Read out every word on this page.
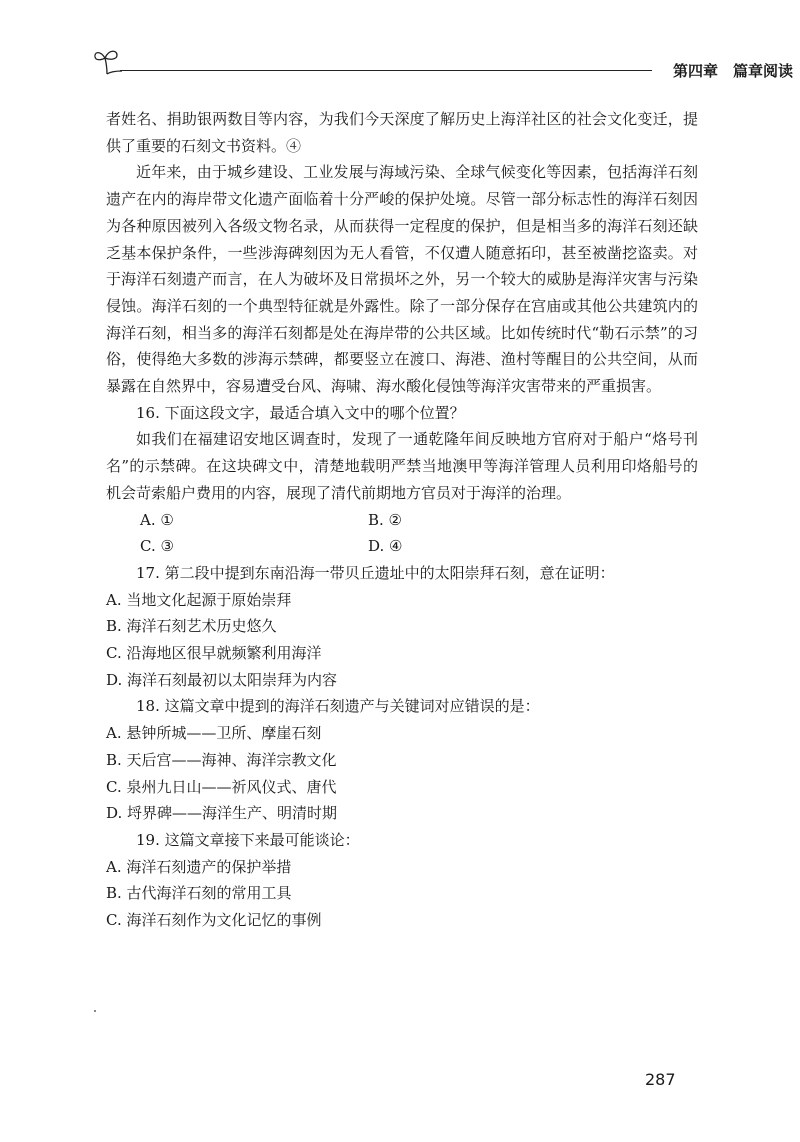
第四章　篇章阅读

者姓名、捐助银两数目等内容，为我们今天深度了解历史上海洋社区的社会文化变迁，提供了重要的石刻文书资料。④

近年来，由于城乡建设、工业发展与海域污染、全球气候变化等因素，包括海洋石刻遗产在内的海岸带文化遗产面临着十分严峻的保护处境。尽管一部分标志性的海洋石刻因为各种原因被列入各级文物名录，从而获得一定程度的保护，但是相当多的海洋石刻还缺乏基本保护条件，一些涉海碑刻因为无人看管，不仅遭人随意拓印，甚至被凿挖盗卖。对于海洋石刻遗产而言，在人为破坏及日常损坏之外，另一个较大的威胁是海洋灾害与污染侵蚀。海洋石刻的一个典型特征就是外露性。除了一部分保存在宫庙或其他公共建筑内的海洋石刻，相当多的海洋石刻都是处在海岸带的公共区域。比如传统时代“勒石示禁”的习俗，使得绝大多数的涉海示禁碑，都要竖立在渡口、海港、渔村等醒目的公共空间，从而暴露在自然界中，容易遭受台风、海啸、海水酸化侵蚀等海洋灾害带来的严重损害。

16. 下面这段文字，最适合填入文中的哪个位置？

如我们在福建诏安地区调查时，发现了一通乾隆年间反映地方官府对于船户“烙号刊名”的示禁碑。在这块碑文中，清楚地载明严禁当地澳甲等海洋管理人员利用印烙船号的机会苛索船户费用的内容，展现了清代前期地方官员对于海洋的治理。

A. ①	B. ②

C. ③	D. ④

17. 第二段中提到东南沿海一带贝丘遗址中的太阳崇拜石刻，意在证明：

A. 当地文化起源于原始崇拜

B. 海洋石刻艺术历史悠久

C. 沿海地区很早就频繁利用海洋

D. 海洋石刻最初以太阳崇拜为内容

18. 这篇文章中提到的海洋石刻遗产与关键词对应错误的是：

A. 悬钟所城——卫所、摩崖石刻

B. 天后宫——海神、海洋宗教文化

C. 泉州九日山——祈风仪式、唐代

D. 埒界碑——海洋生产、明清时期

19. 这篇文章接下来最可能谈论：

A. 海洋石刻遗产的保护举措

B. 古代海洋石刻的常用工具

C. 海洋石刻作为文化记忆的事例

287
